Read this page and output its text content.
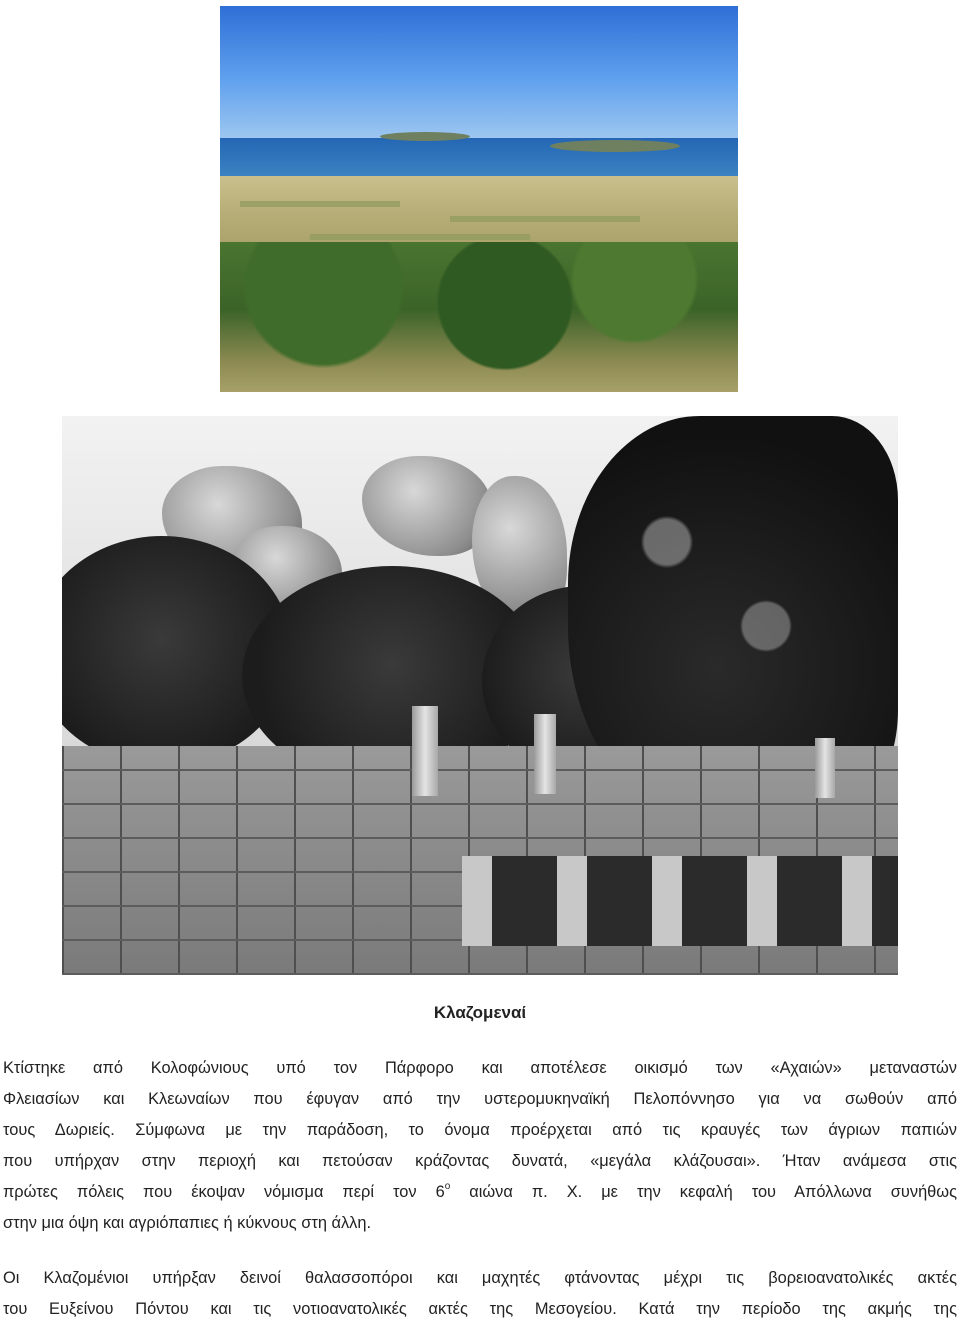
Κλαζομεναί
Κτίστηκε από Κολοφώνιους υπό τον Πάρφορο και αποτέλεσε οικισμό των «Αχαιών» μεταναστών
Φλειασίων και Κλεωναίων που έφυγαν από την υστερομυκηναϊκή Πελοπόννησο για να σωθούν από
τους Δωριείς. Σύμφωνα με την παράδοση, το όνομα προέρχεται από τις κραυγές των άγριων παπιών
που υπήρχαν στην περιοχή και πετούσαν κράζοντας δυνατά, «μεγάλα κλάζουσαι». Ήταν ανάμεσα στις
πρώτες πόλεις που έκοψαν νόμισμα περί τον $6^o$ αιώνα π. Χ. με την κεφαλή του Απόλλωνα συνήθως
στην μια όψη και αγριόπαπιες ή κύκνους στη άλλη.
Οι Κλαζομένιοι υπήρξαν δεινοί θαλασσοπόροι και μαχητές φτάνοντας μέχρι τις βορειοανατολικές ακτές
του Ευξείνου Πόντου και τις νοτιοανατολικές ακτές της Μεσογείου. Κατά την περίοδο της ακμής της
